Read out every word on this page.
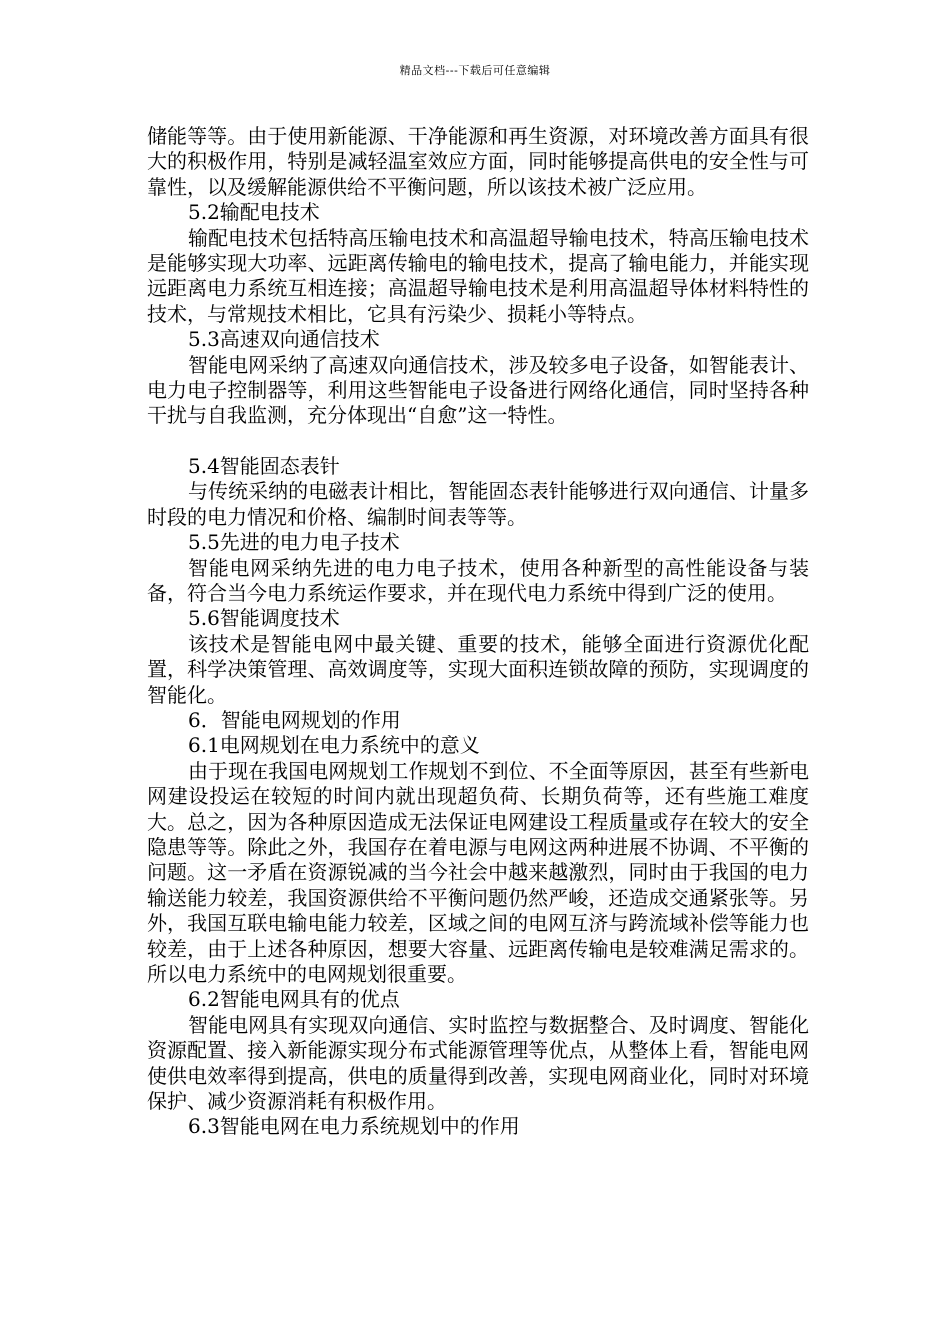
精品文档---下载后可任意编辑

储能等等。由于使用新能源、干净能源和再生资源，对环境改善方面具有很大的积极作用，特别是减轻温室效应方面，同时能够提高供电的安全性与可靠性，以及缓解能源供给不平衡问题，所以该技术被广泛应用。

5.2输配电技术

输配电技术包括特高压输电技术和高温超导输电技术，特高压输电技术是能够实现大功率、远距离传输电的输电技术，提高了输电能力，并能实现远距离电力系统互相连接；高温超导输电技术是利用高温超导体材料特性的技术，与常规技术相比，它具有污染少、损耗小等特点。

5.3高速双向通信技术

智能电网采纳了高速双向通信技术，涉及较多电子设备，如智能表计、电力电子控制器等，利用这些智能电子设备进行网络化通信，同时坚持各种干扰与自我监测，充分体现出“自愈”这一特性。

5.4智能固态表针

与传统采纳的电磁表计相比，智能固态表针能够进行双向通信、计量多时段的电力情况和价格、编制时间表等等。

5.5先进的电力电子技术

智能电网采纳先进的电力电子技术，使用各种新型的高性能设备与装备，符合当今电力系统运作要求，并在现代电力系统中得到广泛的使用。

5.6智能调度技术

该技术是智能电网中最关键、重要的技术，能够全面进行资源优化配置，科学决策管理、高效调度等，实现大面积连锁故障的预防，实现调度的智能化。

6．智能电网规划的作用

6.1电网规划在电力系统中的意义

由于现在我国电网规划工作规划不到位、不全面等原因，甚至有些新电网建设投运在较短的时间内就出现超负荷、长期负荷等，还有些施工难度大。总之，因为各种原因造成无法保证电网建设工程质量或存在较大的安全隐患等等。除此之外，我国存在着电源与电网这两种进展不协调、不平衡的问题。这一矛盾在资源锐减的当今社会中越来越激烈，同时由于我国的电力输送能力较差，我国资源供给不平衡问题仍然严峻，还造成交通紧张等。另外，我国互联电输电能力较差，区域之间的电网互济与跨流域补偿等能力也较差，由于上述各种原因，想要大容量、远距离传输电是较难满足需求的。所以电力系统中的电网规划很重要。

6.2智能电网具有的优点

智能电网具有实现双向通信、实时监控与数据整合、及时调度、智能化资源配置、接入新能源实现分布式能源管理等优点，从整体上看，智能电网使供电效率得到提高，供电的质量得到改善，实现电网商业化，同时对环境保护、减少资源消耗有积极作用。

6.3智能电网在电力系统规划中的作用
